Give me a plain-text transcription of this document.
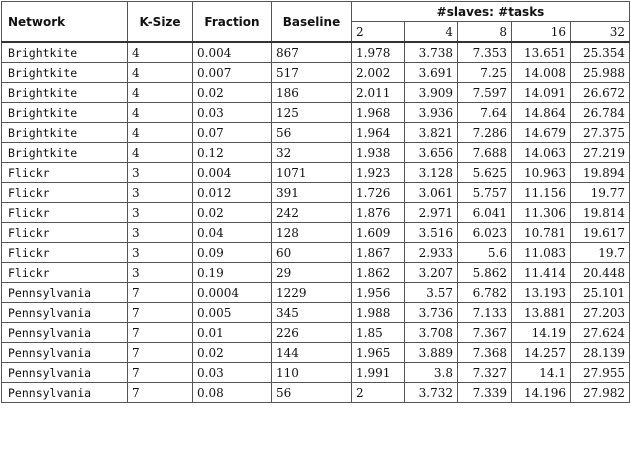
Network	K-Size	Fraction	Baseline	#slaves: #tasks				
				2	4	8	16	32
Brightkite	4	0.004	867	1.978	3.738	7.353	13.651	25.354
Brightkite	4	0.007	517	2.002	3.691	7.25	14.008	25.988
Brightkite	4	0.02	186	2.011	3.909	7.597	14.091	26.672
Brightkite	4	0.03	125	1.968	3.936	7.64	14.864	26.784
Brightkite	4	0.07	56	1.964	3.821	7.286	14.679	27.375
Brightkite	4	0.12	32	1.938	3.656	7.688	14.063	27.219
Flickr	3	0.004	1071	1.923	3.128	5.625	10.963	19.894
Flickr	3	0.012	391	1.726	3.061	5.757	11.156	19.77
Flickr	3	0.02	242	1.876	2.971	6.041	11.306	19.814
Flickr	3	0.04	128	1.609	3.516	6.023	10.781	19.617
Flickr	3	0.09	60	1.867	2.933	5.6	11.083	19.7
Flickr	3	0.19	29	1.862	3.207	5.862	11.414	20.448
Pennsylvania	7	0.0004	1229	1.956	3.57	6.782	13.193	25.101
Pennsylvania	7	0.005	345	1.988	3.736	7.133	13.881	27.203
Pennsylvania	7	0.01	226	1.85	3.708	7.367	14.19	27.624
Pennsylvania	7	0.02	144	1.965	3.889	7.368	14.257	28.139
Pennsylvania	7	0.03	110	1.991	3.8	7.327	14.1	27.955
Pennsylvania	7	0.08	56	2	3.732	7.339	14.196	27.982
